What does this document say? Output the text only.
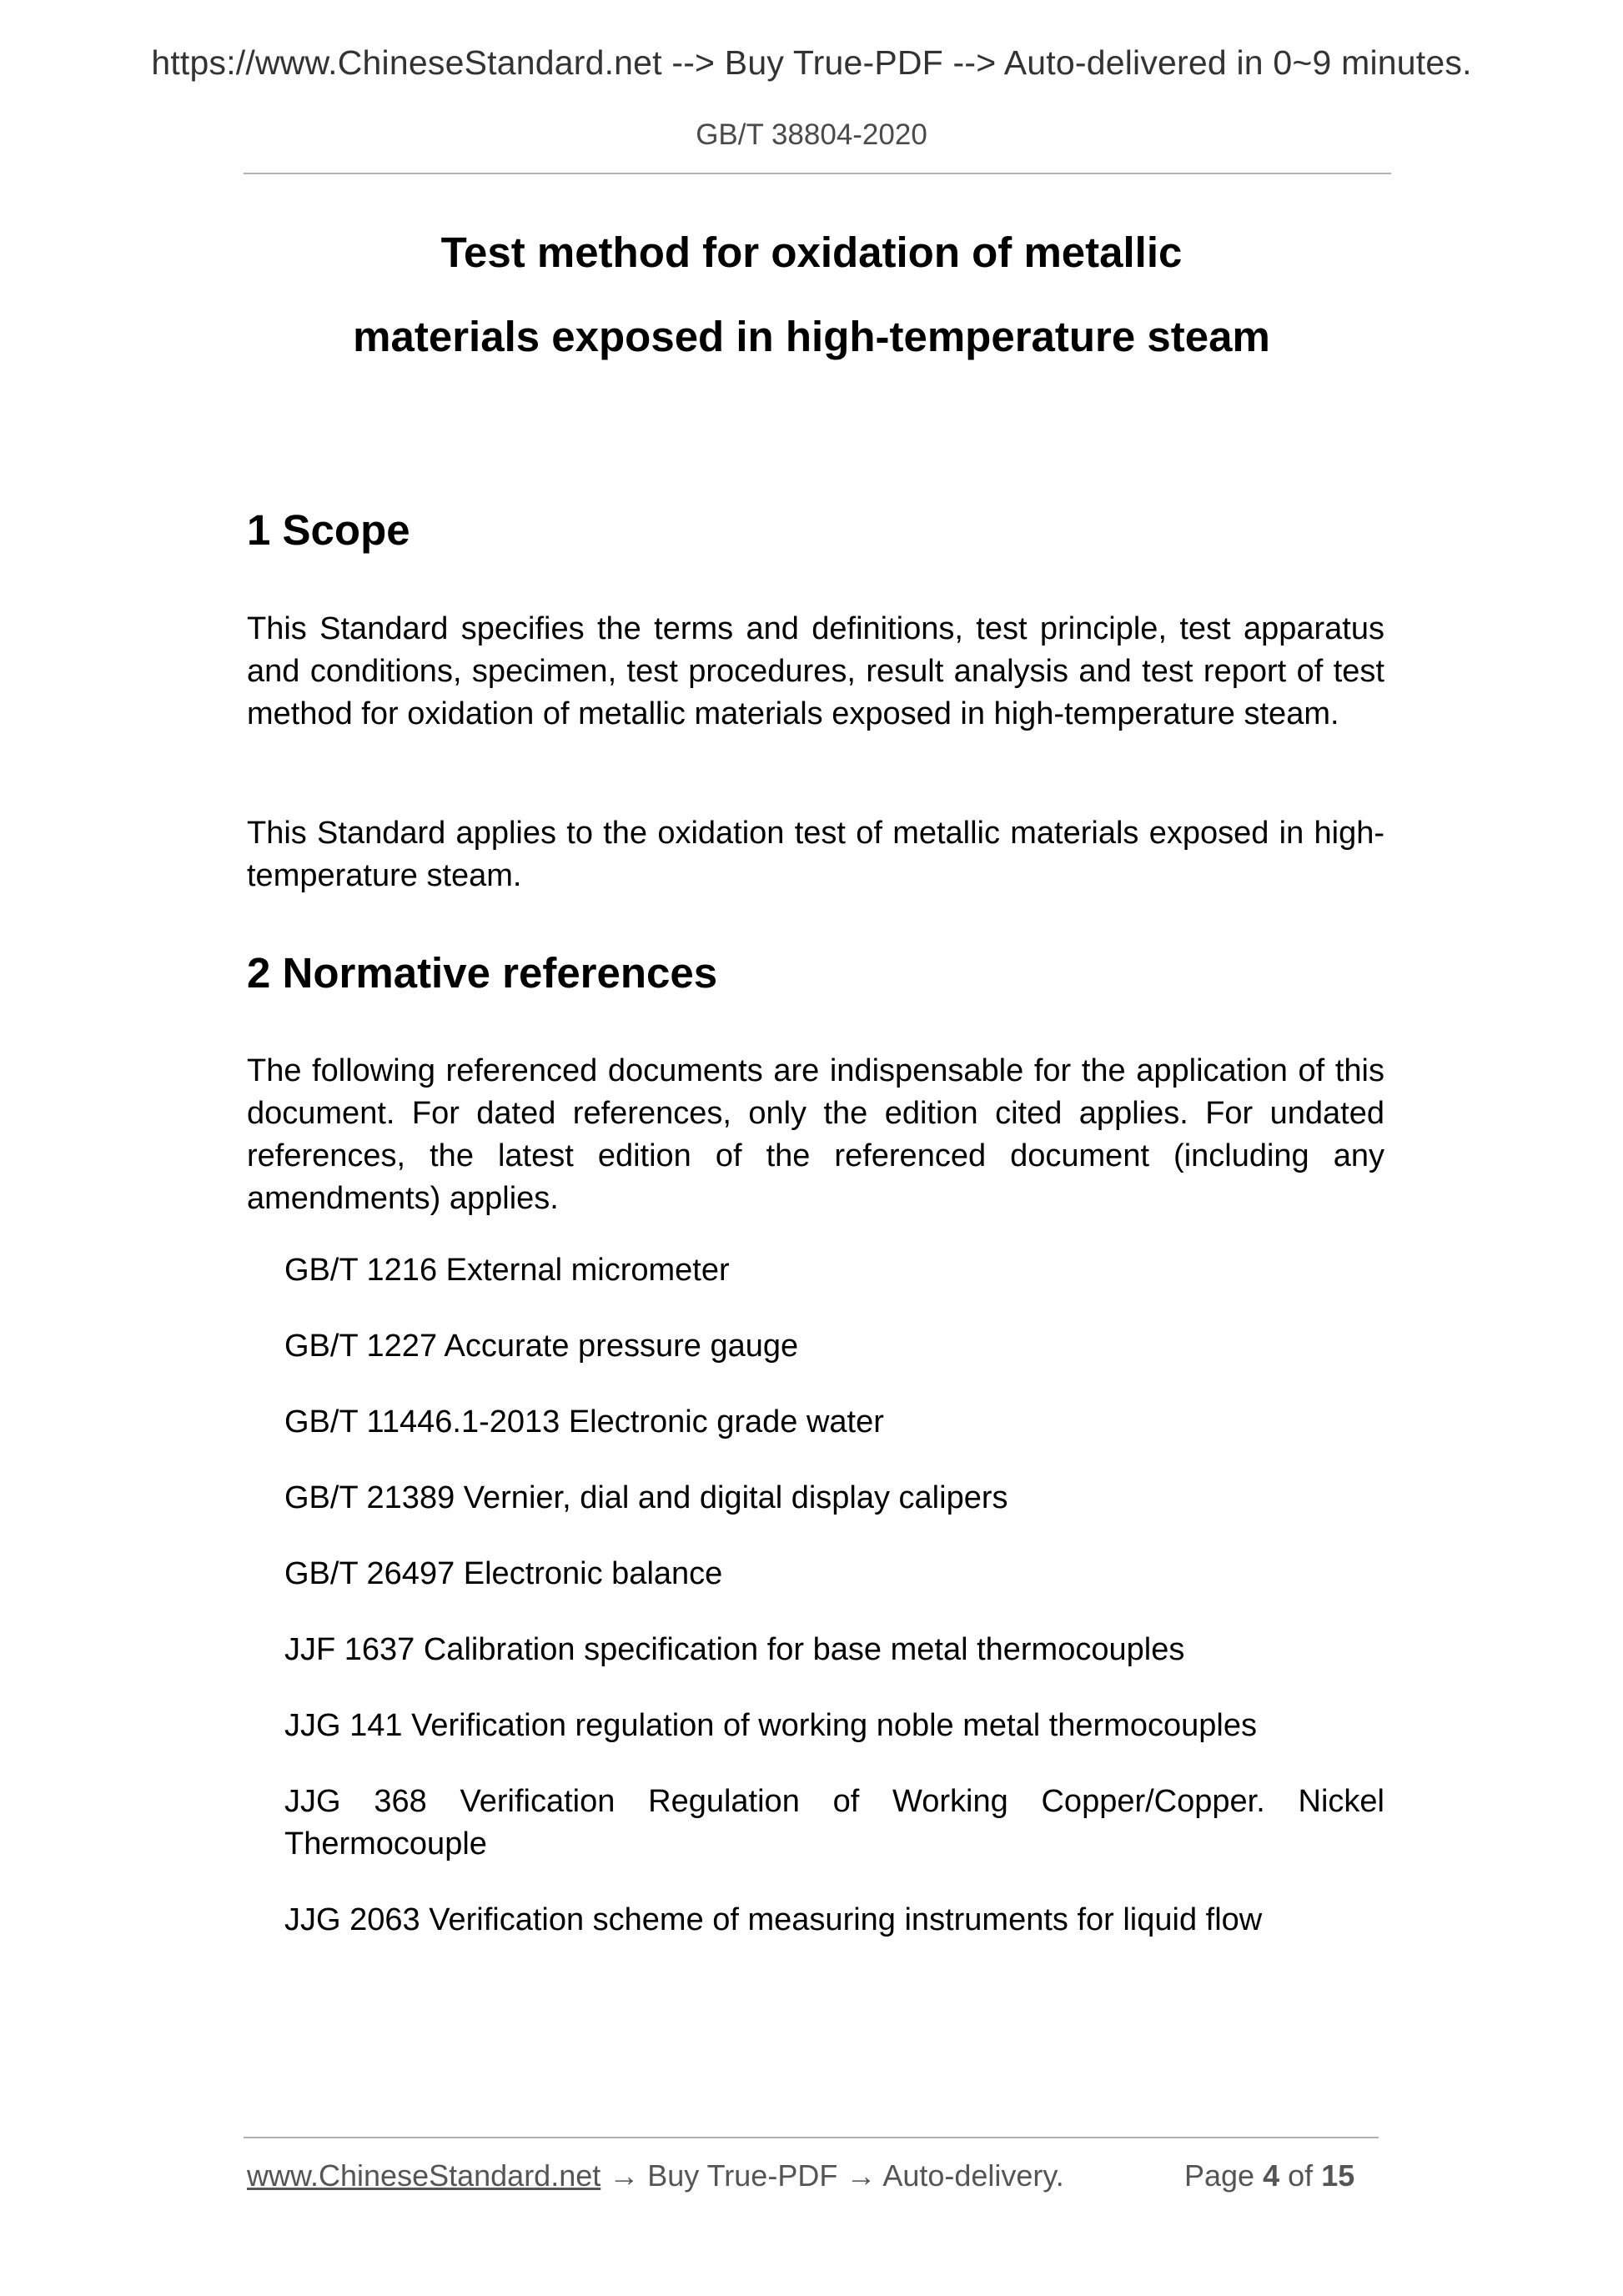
https://www.ChineseStandard.net --> Buy True-PDF --> Auto-delivered in 0~9 minutes.
GB/T 38804-2020
Test method for oxidation of metallic
materials exposed in high-temperature steam
1 Scope
This Standard specifies the terms and definitions, test principle, test apparatus and conditions, specimen, test procedures, result analysis and test report of test method for oxidation of metallic materials exposed in high-temperature steam.
This Standard applies to the oxidation test of metallic materials exposed in high-temperature steam.
2 Normative references
The following referenced documents are indispensable for the application of this document. For dated references, only the edition cited applies. For undated references, the latest edition of the referenced document (including any amendments) applies.
GB/T 1216 External micrometer
GB/T 1227 Accurate pressure gauge
GB/T 11446.1-2013 Electronic grade water
GB/T 21389 Vernier, dial and digital display calipers
GB/T 26497 Electronic balance
JJF 1637 Calibration specification for base metal thermocouples
JJG 141 Verification regulation of working noble metal thermocouples
JJG 368 Verification Regulation of Working Copper/Copper. Nickel Thermocouple
JJG 2063 Verification scheme of measuring instruments for liquid flow
www.ChineseStandard.net → Buy True-PDF → Auto-delivery.	Page 4 of 15
